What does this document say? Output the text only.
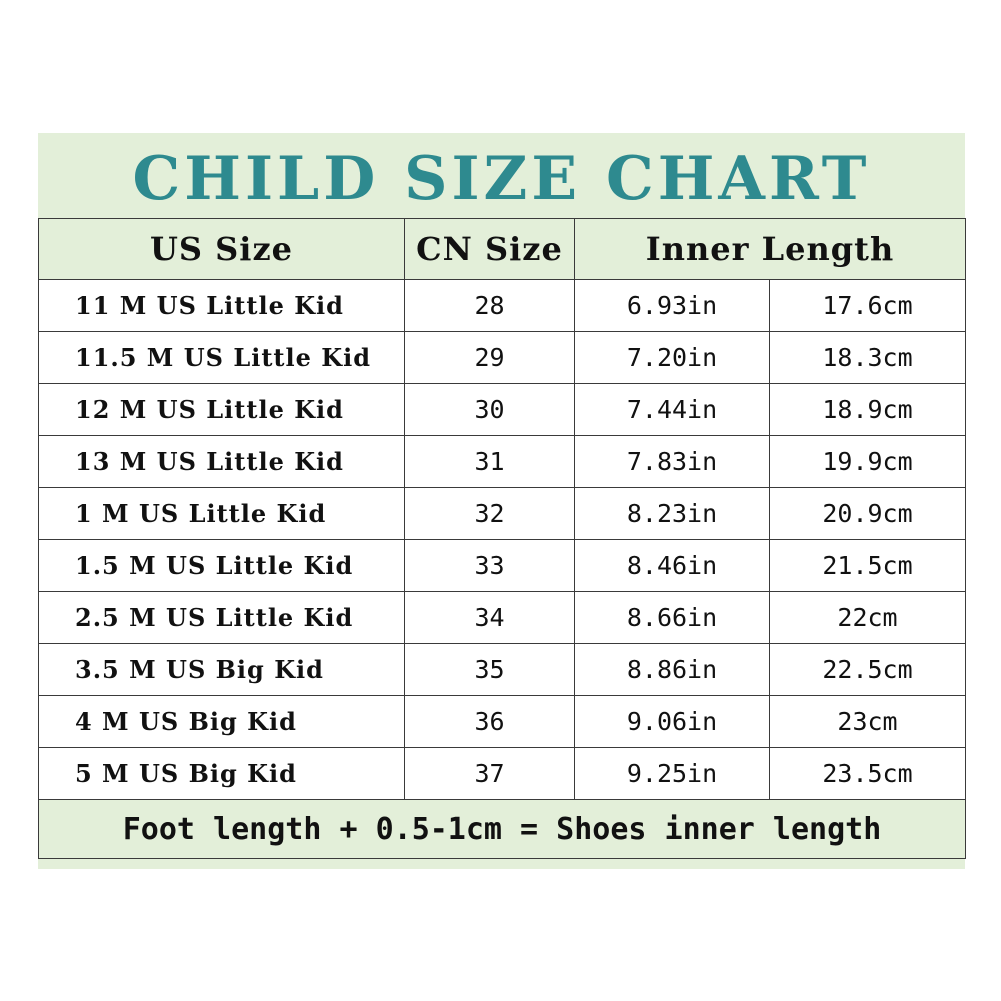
CHILD SIZE CHART
US Size	CN Size	Inner Length	
11 M US Little Kid	28	6.93in	17.6cm
11.5 M US Little Kid	29	7.20in	18.3cm
12 M US Little Kid	30	7.44in	18.9cm
13 M US Little Kid	31	7.83in	19.9cm
1 M US Little Kid	32	8.23in	20.9cm
1.5 M US Little Kid	33	8.46in	21.5cm
2.5 M US Little Kid	34	8.66in	22cm
3.5 M US Big Kid	35	8.86in	22.5cm
4 M US Big Kid	36	9.06in	23cm
5 M US Big Kid	37	9.25in	23.5cm
Foot length + 0.5-1cm = Shoes inner length			
